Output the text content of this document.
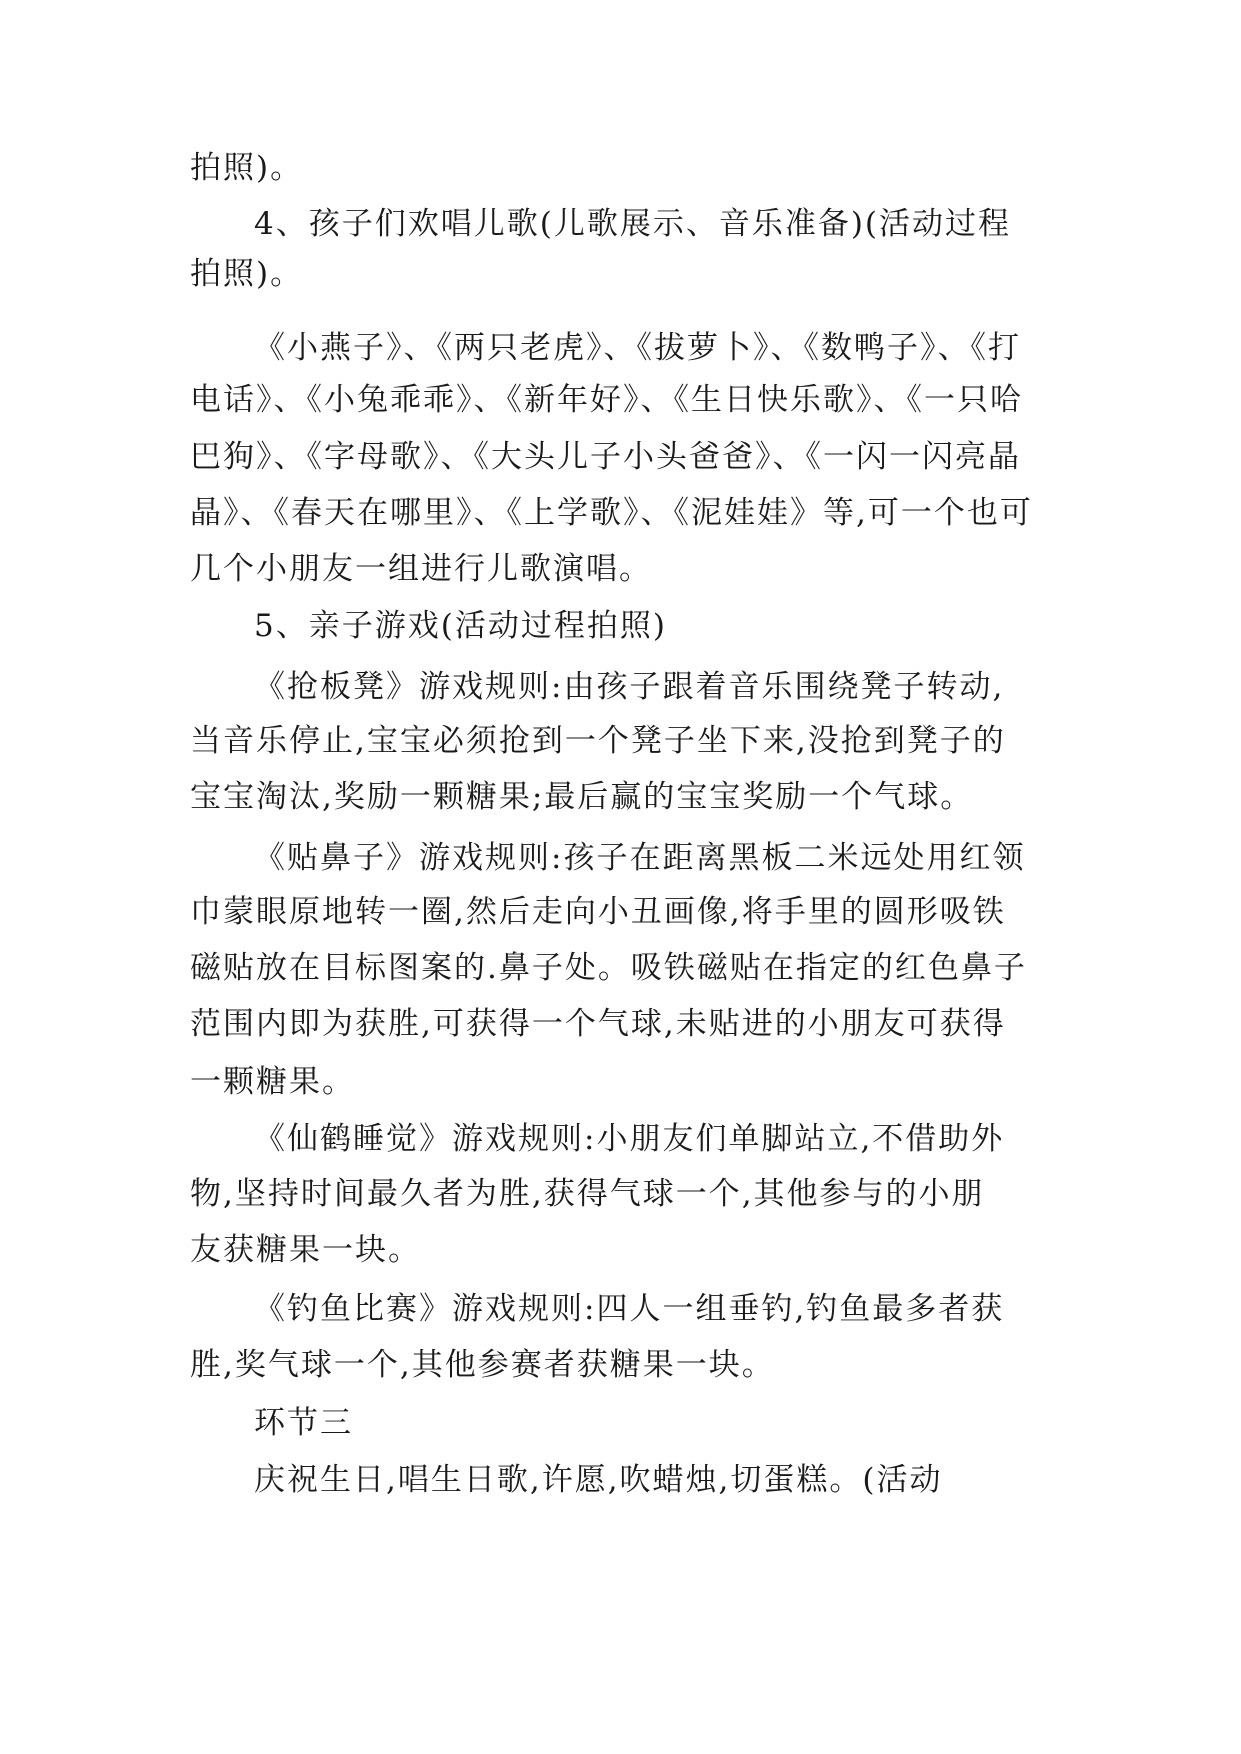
拍照)。
4、孩子们欢唱儿歌(儿歌展示、音乐准备)(活动过程
拍照)。
《小燕子》、《两只老虎》、《拔萝卜》、《数鸭子》、《打
电话》、《小兔乖乖》、《新年好》、《生日快乐歌》、《一只哈
巴狗》、《字母歌》、《大头儿子小头爸爸》、《一闪一闪亮晶
晶》、《春天在哪里》、《上学歌》、《泥娃娃》等,可一个也可
几个小朋友一组进行儿歌演唱。
5、亲子游戏(活动过程拍照)
《抢板凳》游戏规则:由孩子跟着音乐围绕凳子转动,
当音乐停止,宝宝必须抢到一个凳子坐下来,没抢到凳子的
宝宝淘汰,奖励一颗糖果;最后赢的宝宝奖励一个气球。
《贴鼻子》游戏规则:孩子在距离黑板二米远处用红领
巾蒙眼原地转一圈,然后走向小丑画像,将手里的圆形吸铁
磁贴放在目标图案的.鼻子处。吸铁磁贴在指定的红色鼻子
范围内即为获胜,可获得一个气球,未贴进的小朋友可获得
一颗糖果。
《仙鹤睡觉》游戏规则:小朋友们单脚站立,不借助外
物,坚持时间最久者为胜,获得气球一个,其他参与的小朋
友获糖果一块。
《钓鱼比赛》游戏规则:四人一组垂钓,钓鱼最多者获
胜,奖气球一个,其他参赛者获糖果一块。
环节三
庆祝生日,唱生日歌,许愿,吹蜡烛,切蛋糕。(活动
